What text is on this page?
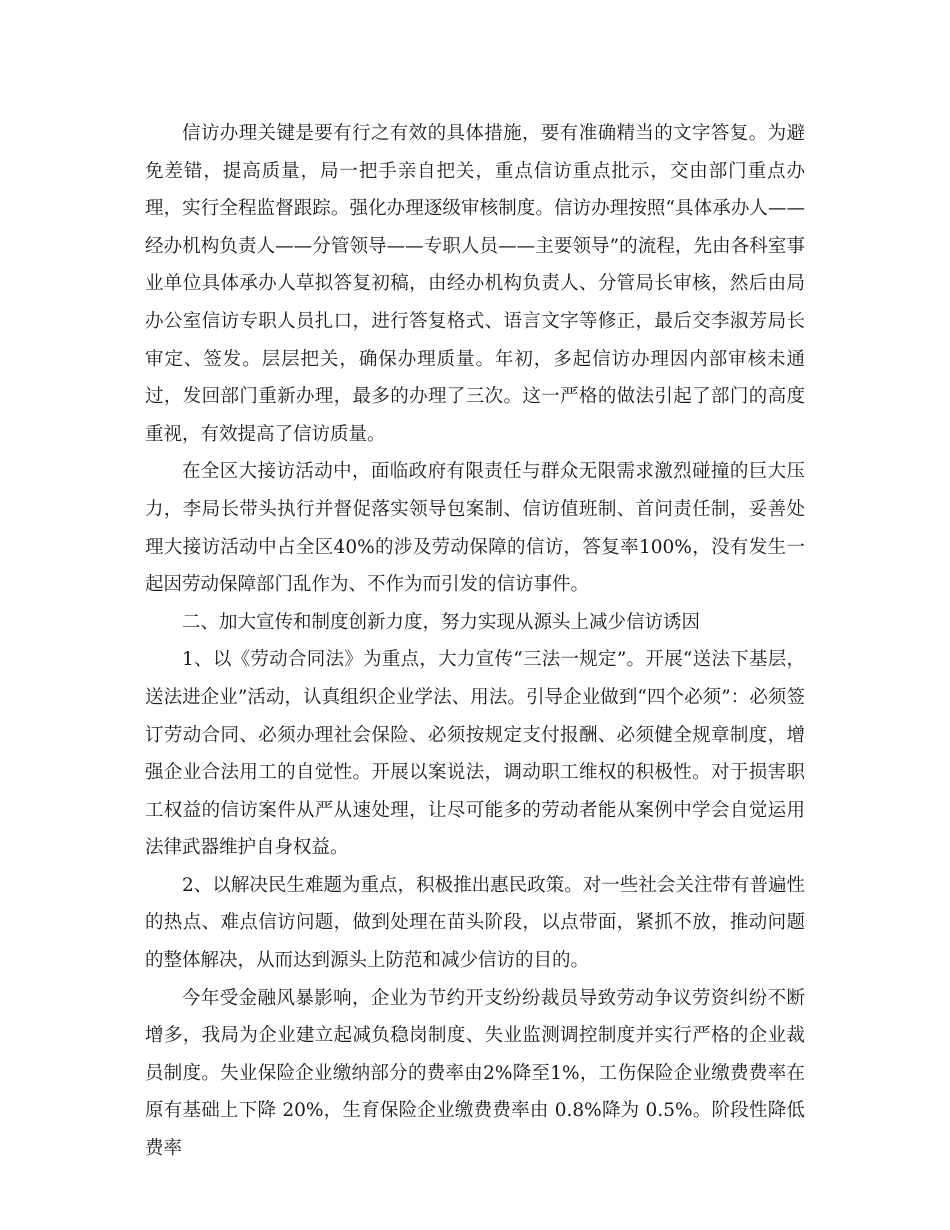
信访办理关键是要有行之有效的具体措施，要有准确精当的文字答复。为避免差错，提高质量，局一把手亲自把关，重点信访重点批示，交由部门重点办理，实行全程监督跟踪。强化办理逐级审核制度。信访办理按照“具体承办人——经办机构负责人——分管领导——专职人员——主要领导”的流程，先由各科室事业单位具体承办人草拟答复初稿，由经办机构负责人、分管局长审核，然后由局办公室信访专职人员扎口，进行答复格式、语言文字等修正，最后交李淑芳局长审定、签发。层层把关，确保办理质量。年初，多起信访办理因内部审核未通过，发回部门重新办理，最多的办理了三次。这一严格的做法引起了部门的高度重视，有效提高了信访质量。

在全区大接访活动中，面临政府有限责任与群众无限需求激烈碰撞的巨大压力，李局长带头执行并督促落实领导包案制、信访值班制、首问责任制，妥善处理大接访活动中占全区40%的涉及劳动保障的信访，答复率100%，没有发生一起因劳动保障部门乱作为、不作为而引发的信访事件。

二、加大宣传和制度创新力度，努力实现从源头上减少信访诱因

1、以《劳动合同法》为重点，大力宣传“三法一规定”。开展“送法下基层，送法进企业”活动，认真组织企业学法、用法。引导企业做到“四个必须”：必须签订劳动合同、必须办理社会保险、必须按规定支付报酬、必须健全规章制度，增强企业合法用工的自觉性。开展以案说法，调动职工维权的积极性。对于损害职工权益的信访案件从严从速处理，让尽可能多的劳动者能从案例中学会自觉运用法律武器维护自身权益。

2、以解决民生难题为重点，积极推出惠民政策。对一些社会关注带有普遍性的热点、难点信访问题，做到处理在苗头阶段，以点带面，紧抓不放，推动问题的整体解决，从而达到源头上防范和减少信访的目的。

今年受金融风暴影响，企业为节约开支纷纷裁员导致劳动争议劳资纠纷不断增多，我局为企业建立起减负稳岗制度、失业监测调控制度并实行严格的企业裁员制度。失业保险企业缴纳部分的费率由2%降至1%，工伤保险企业缴费费率在原有基础上下降 20%，生育保险企业缴费费率由 0.8%降为 0.5%。阶段性降低费率
